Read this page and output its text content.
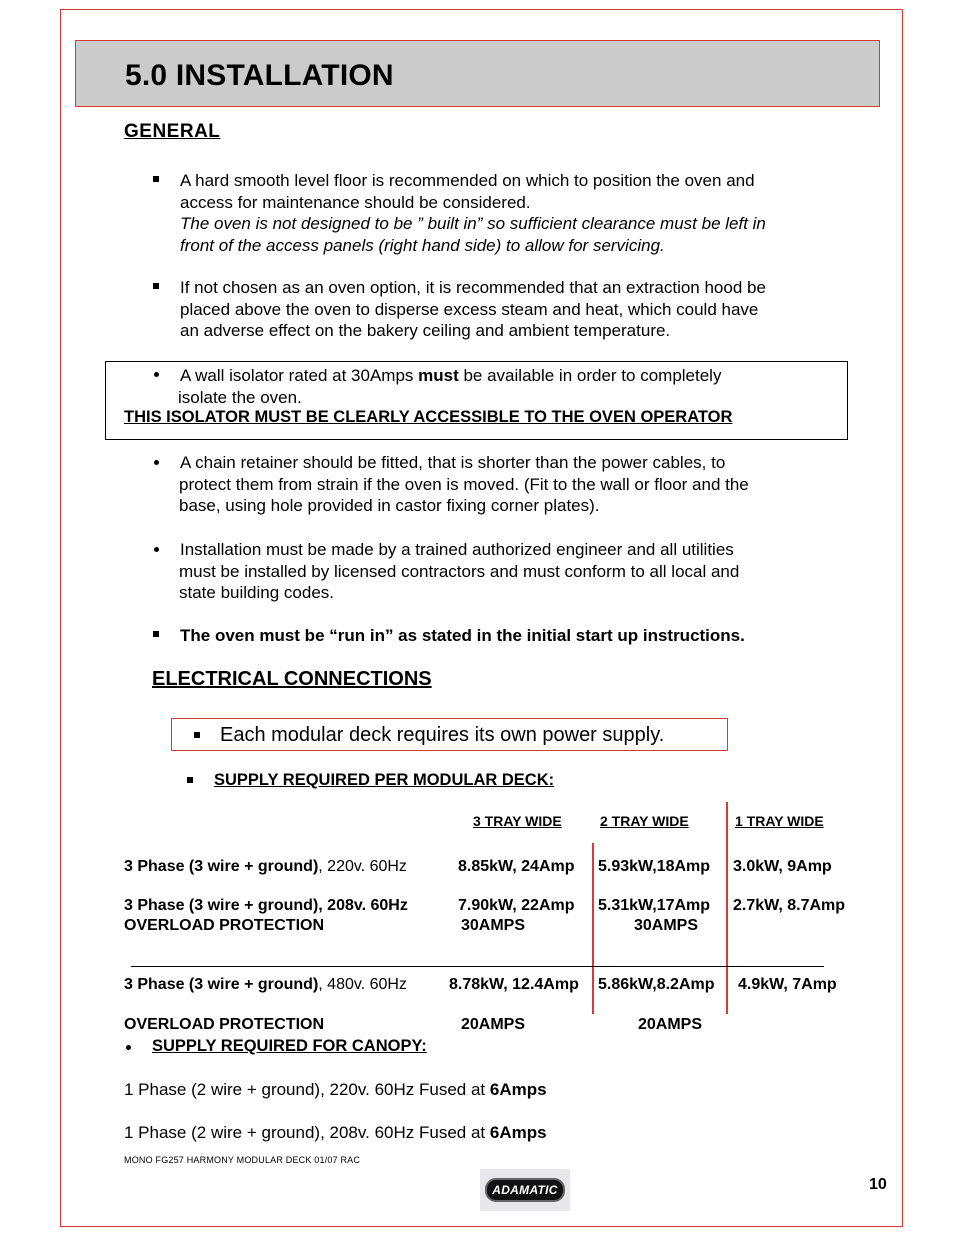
5.0 INSTALLATION
GENERAL
A hard smooth level floor is recommended on which to position the oven and
access for maintenance should be considered.
The oven is not designed to be ” built in” so sufficient clearance must be left in
front of the access panels (right hand side) to allow for servicing.
If not chosen as an oven option, it is recommended that an extraction hood be
placed above the oven to disperse excess steam and heat, which could have
an adverse effect on the bakery ceiling and ambient temperature.
A wall isolator rated at 30Amps must be available in order to completely
isolate the oven.
THIS ISOLATOR MUST BE CLEARLY ACCESSIBLE TO THE OVEN OPERATOR
A chain retainer should be fitted, that is shorter than the power cables, to
protect them from strain if the oven is moved. (Fit to the wall or floor and the
base, using hole provided in castor fixing corner plates).
Installation must be made by a trained authorized engineer and all utilities
must be installed by licensed contractors and must conform to all local and
state building codes.
The oven must be “run in” as stated in the initial start up instructions.
ELECTRICAL CONNECTIONS
Each modular deck requires its own power supply.
SUPPLY REQUIRED PER MODULAR DECK:
3 TRAY WIDE	2 TRAY WIDE	1 TRAY WIDE
3 Phase (3 wire + ground), 220v. 60Hz	8.85kW, 24Amp 5.93kW,18Amp 3.0kW, 9Amp
3 Phase (3 wire + ground), 208v. 60Hz	7.90kW, 22Amp 5.31kW,17Amp 2.7kW, 8.7Amp
OVERLOAD PROTECTION	30AMPS	30AMPS
3 Phase (3 wire + ground), 480v. 60Hz	8.78kW, 12.4Amp 5.86kW,8.2Amp 4.9kW, 7Amp
OVERLOAD PROTECTION	20AMPS	20AMPS
SUPPLY REQUIRED FOR CANOPY:
1 Phase (2 wire + ground), 220v. 60Hz Fused at 6Amps
1 Phase (2 wire + ground), 208v. 60Hz Fused at 6Amps
MONO FG257 HARMONY MODULAR DECK 01/07 RAC
ADAMATIC	10
